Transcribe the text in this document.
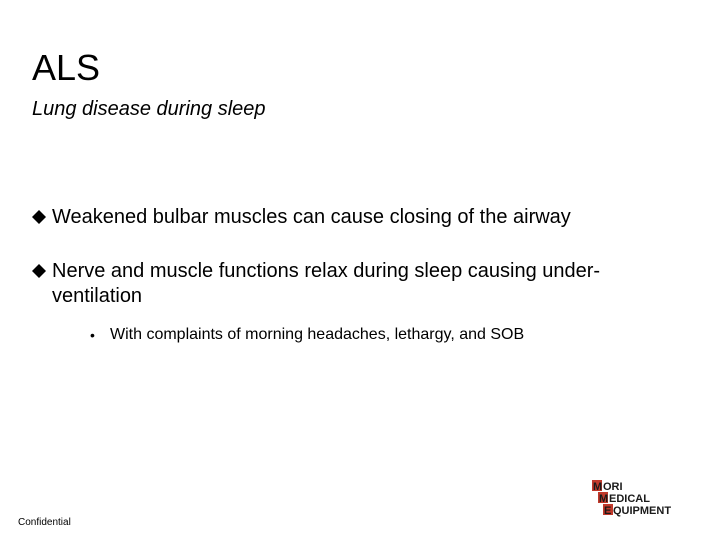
ALS

Lung disease during sleep

Weakened bulbar muscles can cause closing of the airway
Nerve and muscle functions relax during sleep causing under-ventilation
• With complaints of morning headaches, lethargy, and SOB
M ORI
M EDICAL
E QUIPMENT
Confidential
